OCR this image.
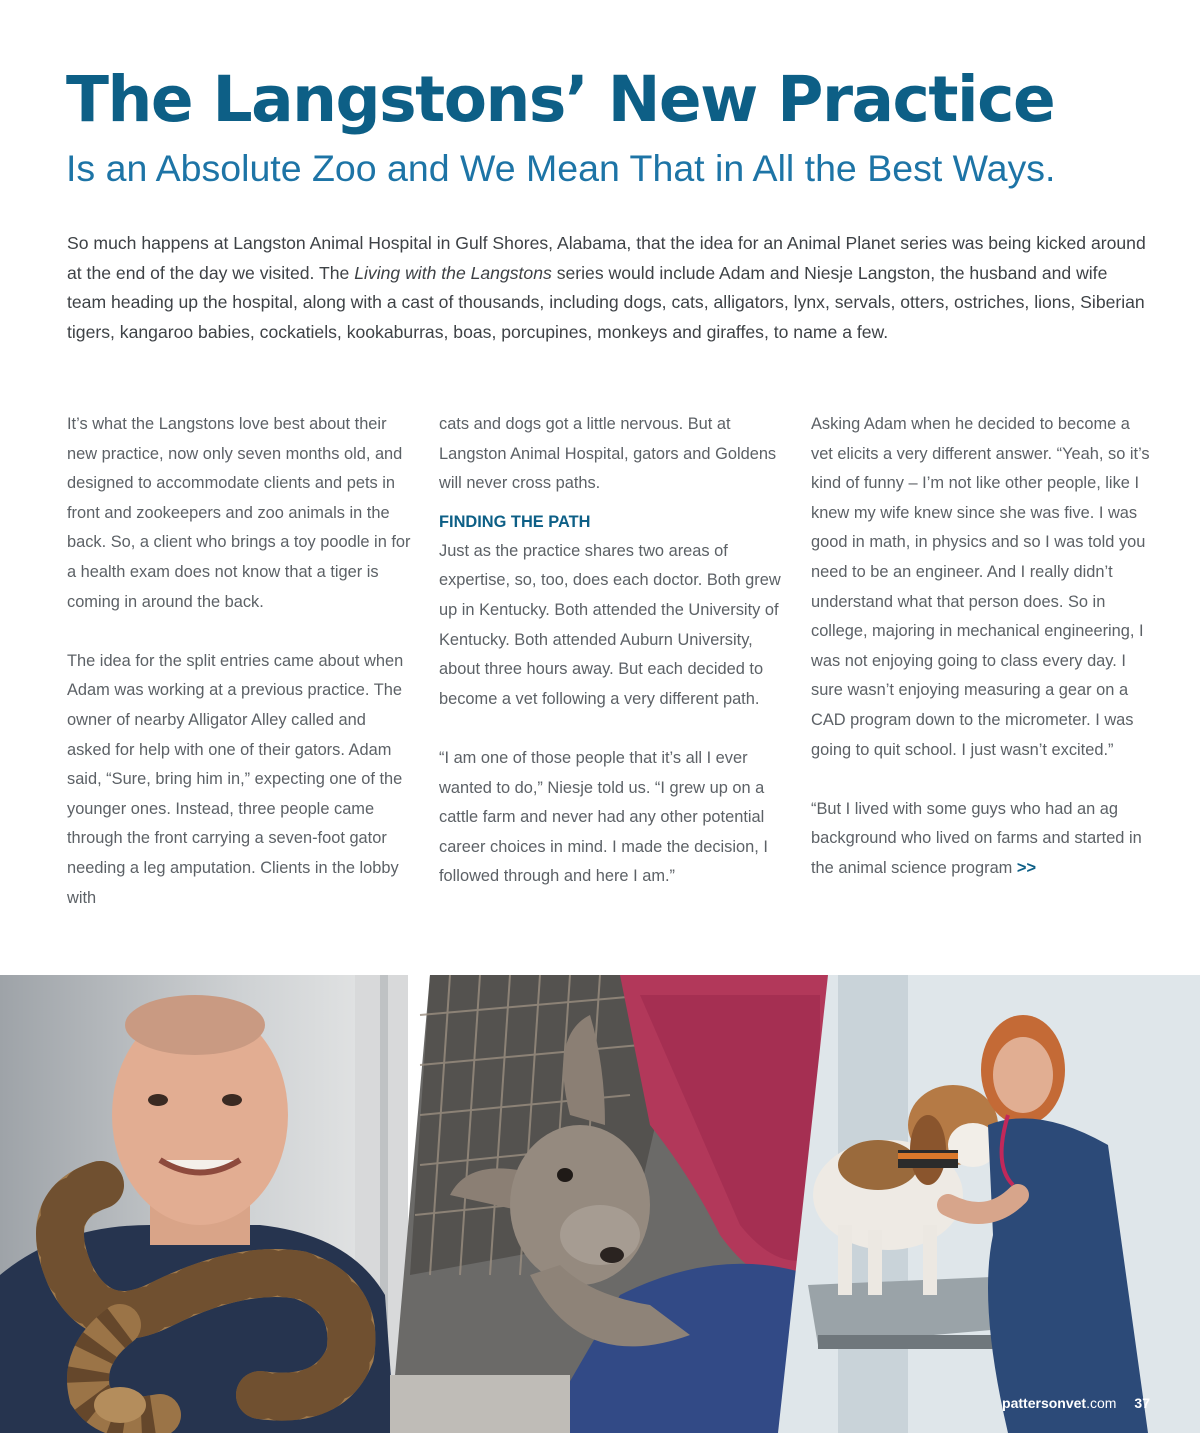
The Langstons’ New Practice
Is an Absolute Zoo and We Mean That in All the Best Ways.

So much happens at Langston Animal Hospital in Gulf Shores, Alabama, that the idea for an Animal Planet series was being kicked around at the end of the day we visited. The Living with the Langstons series would include Adam and Niesje Langston, the husband and wife team heading up the hospital, along with a cast of thousands, including dogs, cats, alligators, lynx, servals, otters, ostriches, lions, Siberian tigers, kangaroo babies, cockatiels, kookaburras, boas, porcupines, monkeys and giraffes, to name a few.

It’s what the Langstons love best about their new practice, now only seven months old, and designed to accommodate clients and pets in front and zookeepers and zoo animals in the back. So, a client who brings a toy poodle in for a health exam does not know that a tiger is coming in around the back.

The idea for the split entries came about when Adam was working at a previous practice. The owner of nearby Alligator Alley called and asked for help with one of their gators. Adam said, “Sure, bring him in,” expecting one of the younger ones. Instead, three people came through the front carrying a seven-foot gator needing a leg amputation. Clients in the lobby with

cats and dogs got a little nervous. But at Langston Animal Hospital, gators and Goldens will never cross paths.

FINDING THE PATH

Just as the practice shares two areas of expertise, so, too, does each doctor. Both grew up in Kentucky. Both attended the University of Kentucky. Both attended Auburn University, about three hours away. But each decided to become a vet following a very different path.

“I am one of those people that it’s all I ever wanted to do,” Niesje told us. “I grew up on a cattle farm and never had any other potential career choices in mind. I made the decision, I followed through and here I am.”

Asking Adam when he decided to become a vet elicits a very different answer. “Yeah, so it’s kind of funny – I’m not like other people, like I knew my wife knew since she was five. I was good in math, in physics and so I was told you need to be an engineer. And I really didn’t understand what that person does. So in college, majoring in mechanical engineering, I was not enjoying going to class every day. I sure wasn’t enjoying measuring a gear on a CAD program down to the micrometer. I was going to quit school. I just wasn’t excited.”

“But I lived with some guys who had an ag background who lived on farms and started in the animal science program >>

pattersonvet.com 37
